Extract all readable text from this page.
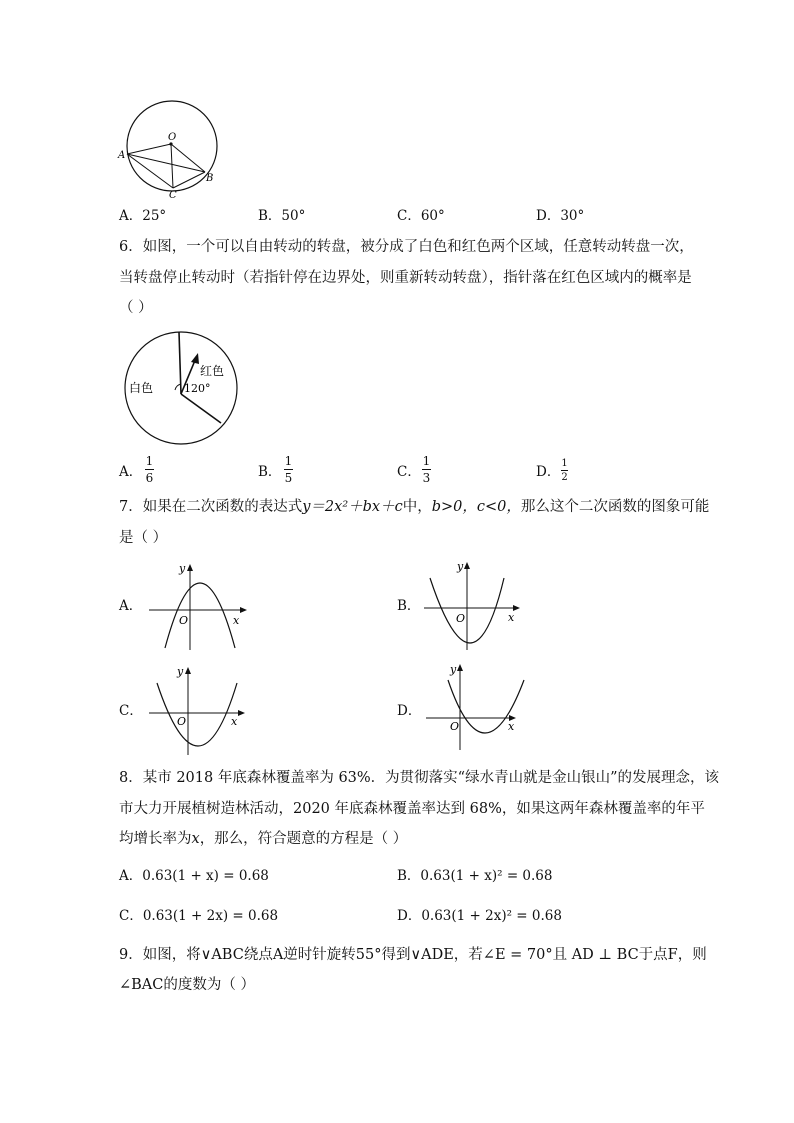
O
A
B
C
A．25°	B．50°	C．60°	D．30°
6．如图，一个可以自由转动的转盘，被分成了白色和红色两个区域，任意转动转盘一次，
当转盘停止转动时（若指针停在边界处，则重新转动转盘），指针落在红色区域内的概率是
（ ）
白色
红色
120°
A．
1
6	B．
1
5	C．
1
3	D．
1
2
7．如果在二次函数的表达式y＝2x²＋bx＋c中，b>0，c<0，那么这个二次函数的图象可能
是（ ）
A．	B．
C．	D．
y
x
O
y
x
O
y
x
O
y
x
O
8．某市 2018 年底森林覆盖率为 63%．为贯彻落实“绿水青山就是金山银山”的发展理念，该
市大力开展植树造林活动，2020 年底森林覆盖率达到 68%，如果这两年森林覆盖率的年平
均增长率为x，那么，符合题意的方程是（ ）
A．0.63(1 + x) = 0.68	B．0.63(1 + x)² = 0.68
C．0.63(1 + 2x) = 0.68	D．0.63(1 + 2x)² = 0.68
9．如图，将∨ABC绕点A逆时针旋转55°得到∨ADE，若∠E = 70°且 AD ⊥ BC于点F，则
∠BAC的度数为（ ）
